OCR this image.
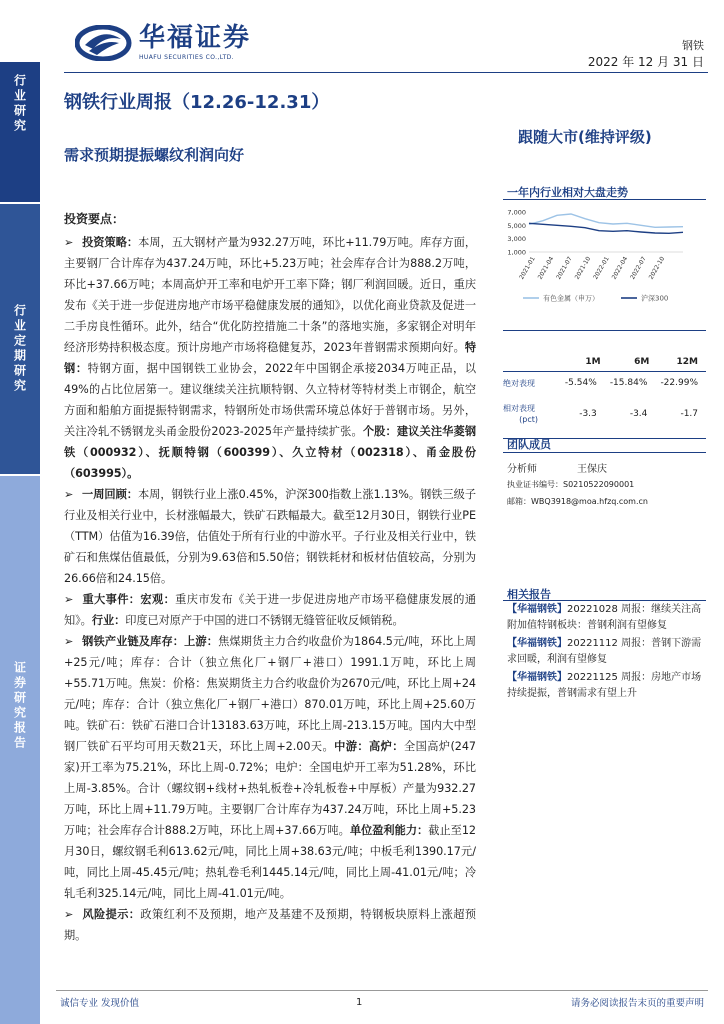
行业研究
行业定期研究
证券研究报告
华福证券
HUAFU SECURITIES CO.,LTD.
钢铁
2022 年 12 月 31 日
钢铁行业周报（12.26-12.31）
需求预期提振螺纹利润向好
跟随大市(维持评级)
一年内行业相对大盘走势
7,000
5,000
3,000
1,000
2021-01 2021-04 2021-07 2021-10 2022-01 2022-04 2022-07 2022-10
有色金属（申万）	沪深300
1M	6M	12M
绝对表现	-5.54%	-15.84%	-22.99%
相对表现
(pct)
-3.3	-3.4	-1.7
团队成员
分析师	王保庆
执业证书编号：S0210522090001
邮箱：WBQ3918@moa.hfzq.com.cn
相关报告
【华福钢铁】20221028 周报：继续关注高附加值特钢板块：普钢利润有望修复
【华福钢铁】20221112 周报：普钢下游需求回暖，利润有望修复
【华福钢铁】20221125 周报：房地产市场持续提振，普钢需求有望上升
投资要点：

➢ 投资策略：本周，五大钢材产量为932.27万吨，环比+11.79万吨。库存方面，主要钢厂合计库存为437.24万吨，环比+5.23万吨；社会库存合计为888.2万吨，环比+37.66万吨；本周高炉开工率和电炉开工率下降；钢厂利润回暖。近日，重庆发布《关于进一步促进房地产市场平稳健康发展的通知》，以优化商业贷款及促进一二手房良性循环。此外，结合“优化防控措施二十条”的落地实施，多家钢企对明年经济形势持积极态度。预计房地产市场将稳健复苏，2023年普钢需求预期向好。特钢：特钢方面，据中国钢铁工业协会，2022年中国钢企承接2034万吨正品，以49%的占比位居第一。建议继续关注抗顺特钢、久立特材等特材类上市钢企，航空方面和船舶方面提振特钢需求，特钢所处市场供需环境总体好于普钢市场。另外，关注冷轧不锈钢龙头甬金股份2023-2025年产量持续扩张。个股：建议关注华菱钢铁（000932）、抚顺特钢（600399）、久立特材（002318）、甬金股份（603995）。

➢ 一周回顾：本周，钢铁行业上涨0.45%，沪深300指数上涨1.13%。钢铁三级子行业及相关行业中，长材涨幅最大，铁矿石跌幅最大。截至12月30日，钢铁行业PE（TTM）估值为16.39倍，估值处于所有行业的中游水平。子行业及相关行业中，铁矿石和焦煤估值最低，分别为9.63倍和5.50倍；钢铁耗材和板材估值较高，分别为26.66倍和24.15倍。

➢ 重大事件：宏观：重庆市发布《关于进一步促进房地产市场平稳健康发展的通知》。行业：印度已对原产于中国的进口不锈钢无缝管征收反倾销税。

➢ 钢铁产业链及库存：上游：焦煤期货主力合约收盘价为1864.5元/吨，环比上周+25元/吨；库存：合计（独立焦化厂+钢厂+港口）1991.1万吨，环比上周+55.71万吨。焦炭：价格：焦炭期货主力合约收盘价为2670元/吨，环比上周+24元/吨；库存：合计（独立焦化厂+钢厂+港口）870.01万吨，环比上周+25.60万吨。铁矿石：铁矿石港口合计13183.63万吨，环比上周-213.15万吨。国内大中型钢厂铁矿石平均可用天数21天，环比上周+2.00天。中游：高炉：全国高炉(247家)开工率为75.21%，环比上周-0.72%；电炉：全国电炉开工率为51.28%，环比上周-3.85%。合计（螺纹钢+线材+热轧板卷+冷轧板卷+中厚板）产量为932.27万吨，环比上周+11.79万吨。主要钢厂合计库存为437.24万吨，环比上周+5.23万吨；社会库存合计888.2万吨，环比上周+37.66万吨。单位盈利能力：截止至12月30日，螺纹钢毛利613.62元/吨，同比上周+38.63元/吨；中板毛利1390.17元/吨，同比上周-45.45元/吨；热轧卷毛利1445.14元/吨，同比上周-41.01元/吨；冷轧毛利325.14元/吨，同比上周-41.01元/吨。

➢ 风险提示：政策红利不及预期，地产及基建不及预期，特钢板块原料上涨超预期。

诚信专业 发现价值	1	请务必阅读报告末页的重要声明
